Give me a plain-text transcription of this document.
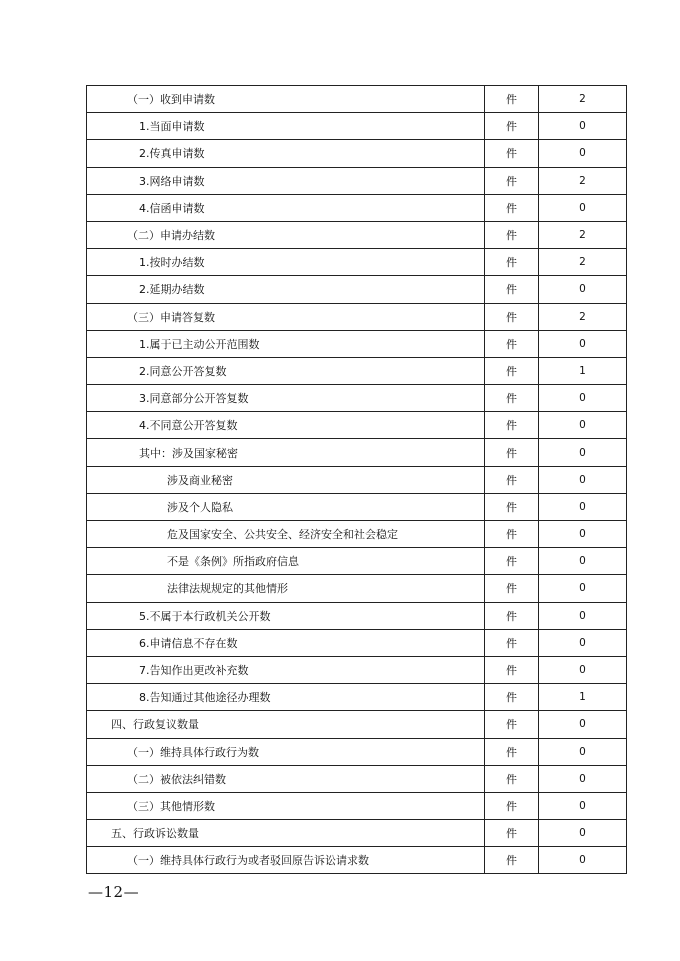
（一）收到申请数	件	2
1.当面申请数	件	0
2.传真申请数	件	0
3.网络申请数	件	2
4.信函申请数	件	0
（二）申请办结数	件	2
1.按时办结数	件	2
2.延期办结数	件	0
（三）申请答复数	件	2
1.属于已主动公开范围数	件	0
2.同意公开答复数	件	1
3.同意部分公开答复数	件	0
4.不同意公开答复数	件	0
其中：涉及国家秘密	件	0
涉及商业秘密	件	0
涉及个人隐私	件	0
危及国家安全、公共安全、经济安全和社会稳定	件	0
不是《条例》所指政府信息	件	0
法律法规规定的其他情形	件	0
5.不属于本行政机关公开数	件	0
6.申请信息不存在数	件	0
7.告知作出更改补充数	件	0
8.告知通过其他途径办理数	件	1
四、行政复议数量	件	0
（一）维持具体行政行为数	件	0
（二）被依法纠错数	件	0
（三）其他情形数	件	0
五、行政诉讼数量	件	0
（一）维持具体行政行为或者驳回原告诉讼请求数	件	0
—12—
